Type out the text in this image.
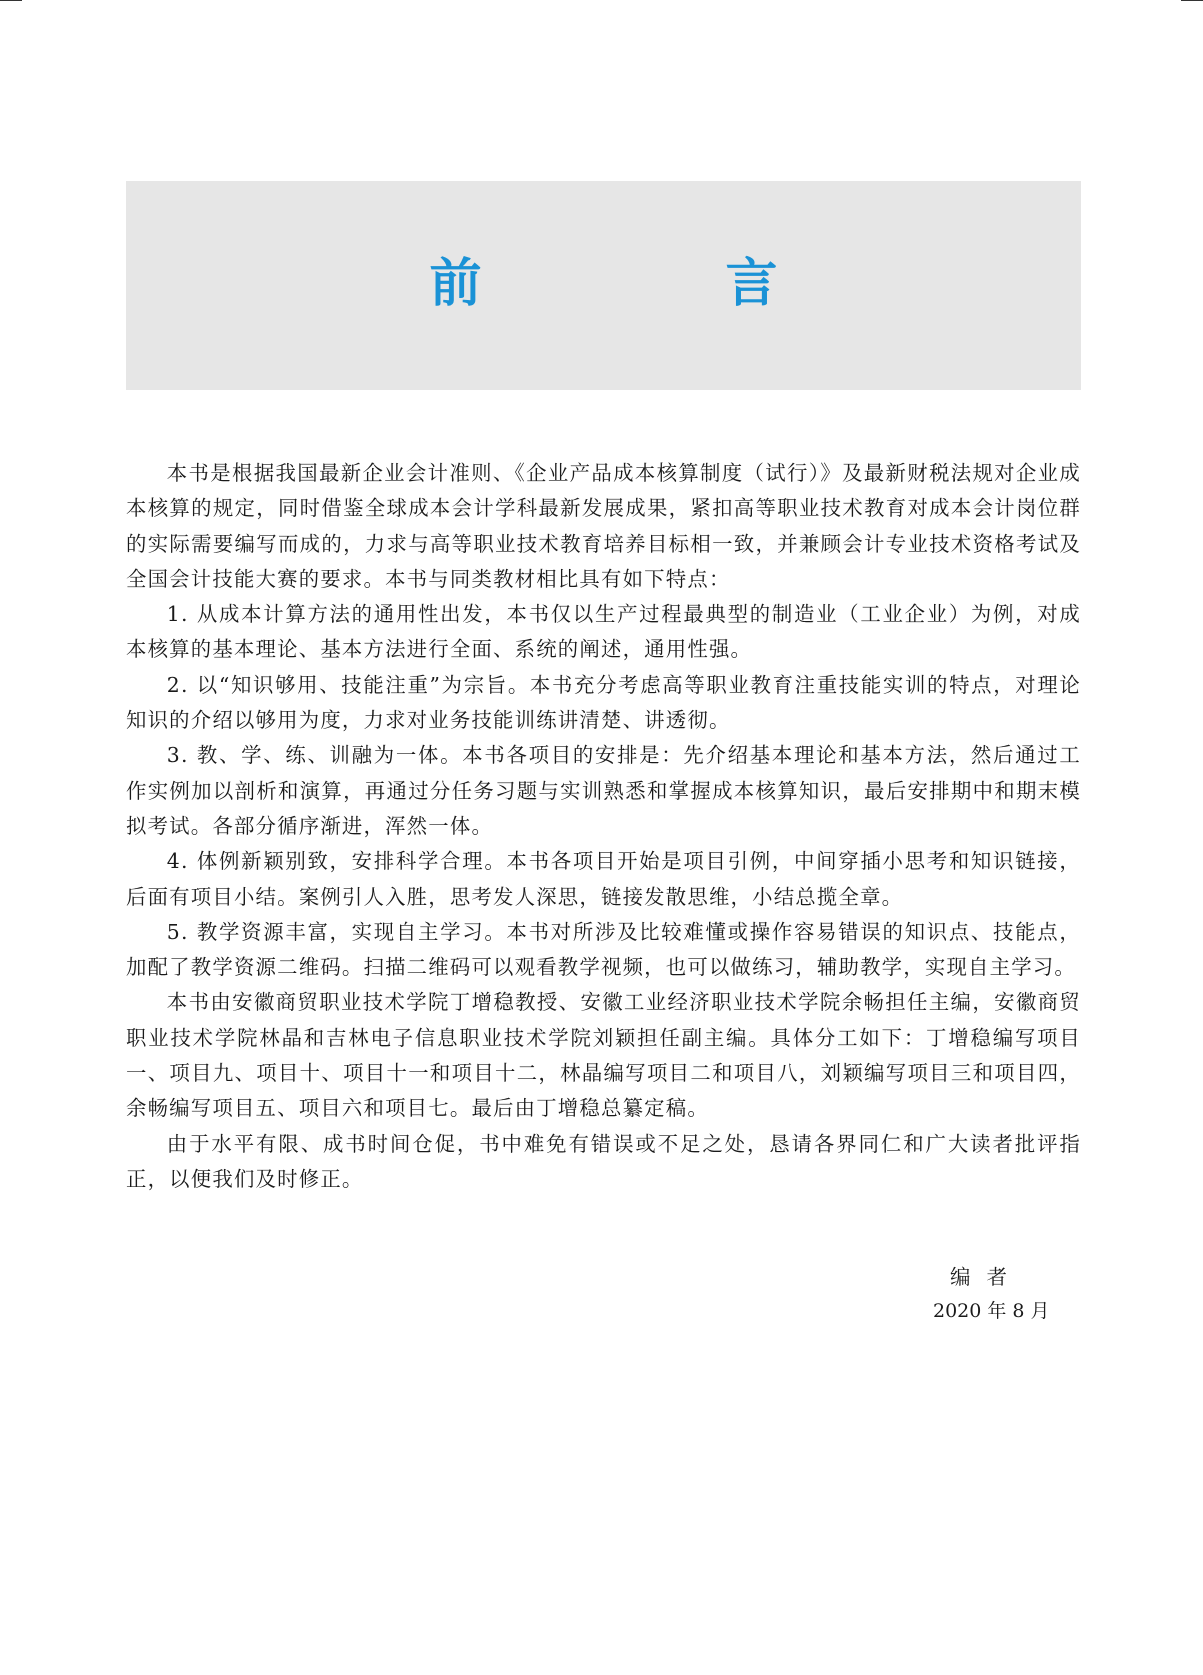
前　言

本书是根据我国最新企业会计准则、《企业产品成本核算制度（试行）》及最新财税法规对企业成本核算的规定，同时借鉴全球成本会计学科最新发展成果，紧扣高等职业技术教育对成本会计岗位群的实际需要编写而成的，力求与高等职业技术教育培养目标相一致，并兼顾会计专业技术资格考试及全国会计技能大赛的要求。本书与同类教材相比具有如下特点：

1. 从成本计算方法的通用性出发，本书仅以生产过程最典型的制造业（工业企业）为例，对成本核算的基本理论、基本方法进行全面、系统的阐述，通用性强。

2. 以“知识够用、技能注重”为宗旨。本书充分考虑高等职业教育注重技能实训的特点，对理论知识的介绍以够用为度，力求对业务技能训练讲清楚、讲透彻。

3. 教、学、练、训融为一体。本书各项目的安排是：先介绍基本理论和基本方法，然后通过工作实例加以剖析和演算，再通过分任务习题与实训熟悉和掌握成本核算知识，最后安排期中和期末模拟考试。各部分循序渐进，浑然一体。

4. 体例新颖别致，安排科学合理。本书各项目开始是项目引例，中间穿插小思考和知识链接，后面有项目小结。案例引人入胜，思考发人深思，链接发散思维，小结总揽全章。

5. 教学资源丰富，实现自主学习。本书对所涉及比较难懂或操作容易错误的知识点、技能点，加配了教学资源二维码。扫描二维码可以观看教学视频，也可以做练习，辅助教学，实现自主学习。

本书由安徽商贸职业技术学院丁增稳教授、安徽工业经济职业技术学院余畅担任主编，安徽商贸职业技术学院林晶和吉林电子信息职业技术学院刘颖担任副主编。具体分工如下：丁增稳编写项目一、项目九、项目十、项目十一和项目十二，林晶编写项目二和项目八，刘颖编写项目三和项目四，余畅编写项目五、项目六和项目七。最后由丁增稳总纂定稿。

由于水平有限、成书时间仓促，书中难免有错误或不足之处，恳请各界同仁和广大读者批评指正，以便我们及时修正。

编者
2020 年 8 月
